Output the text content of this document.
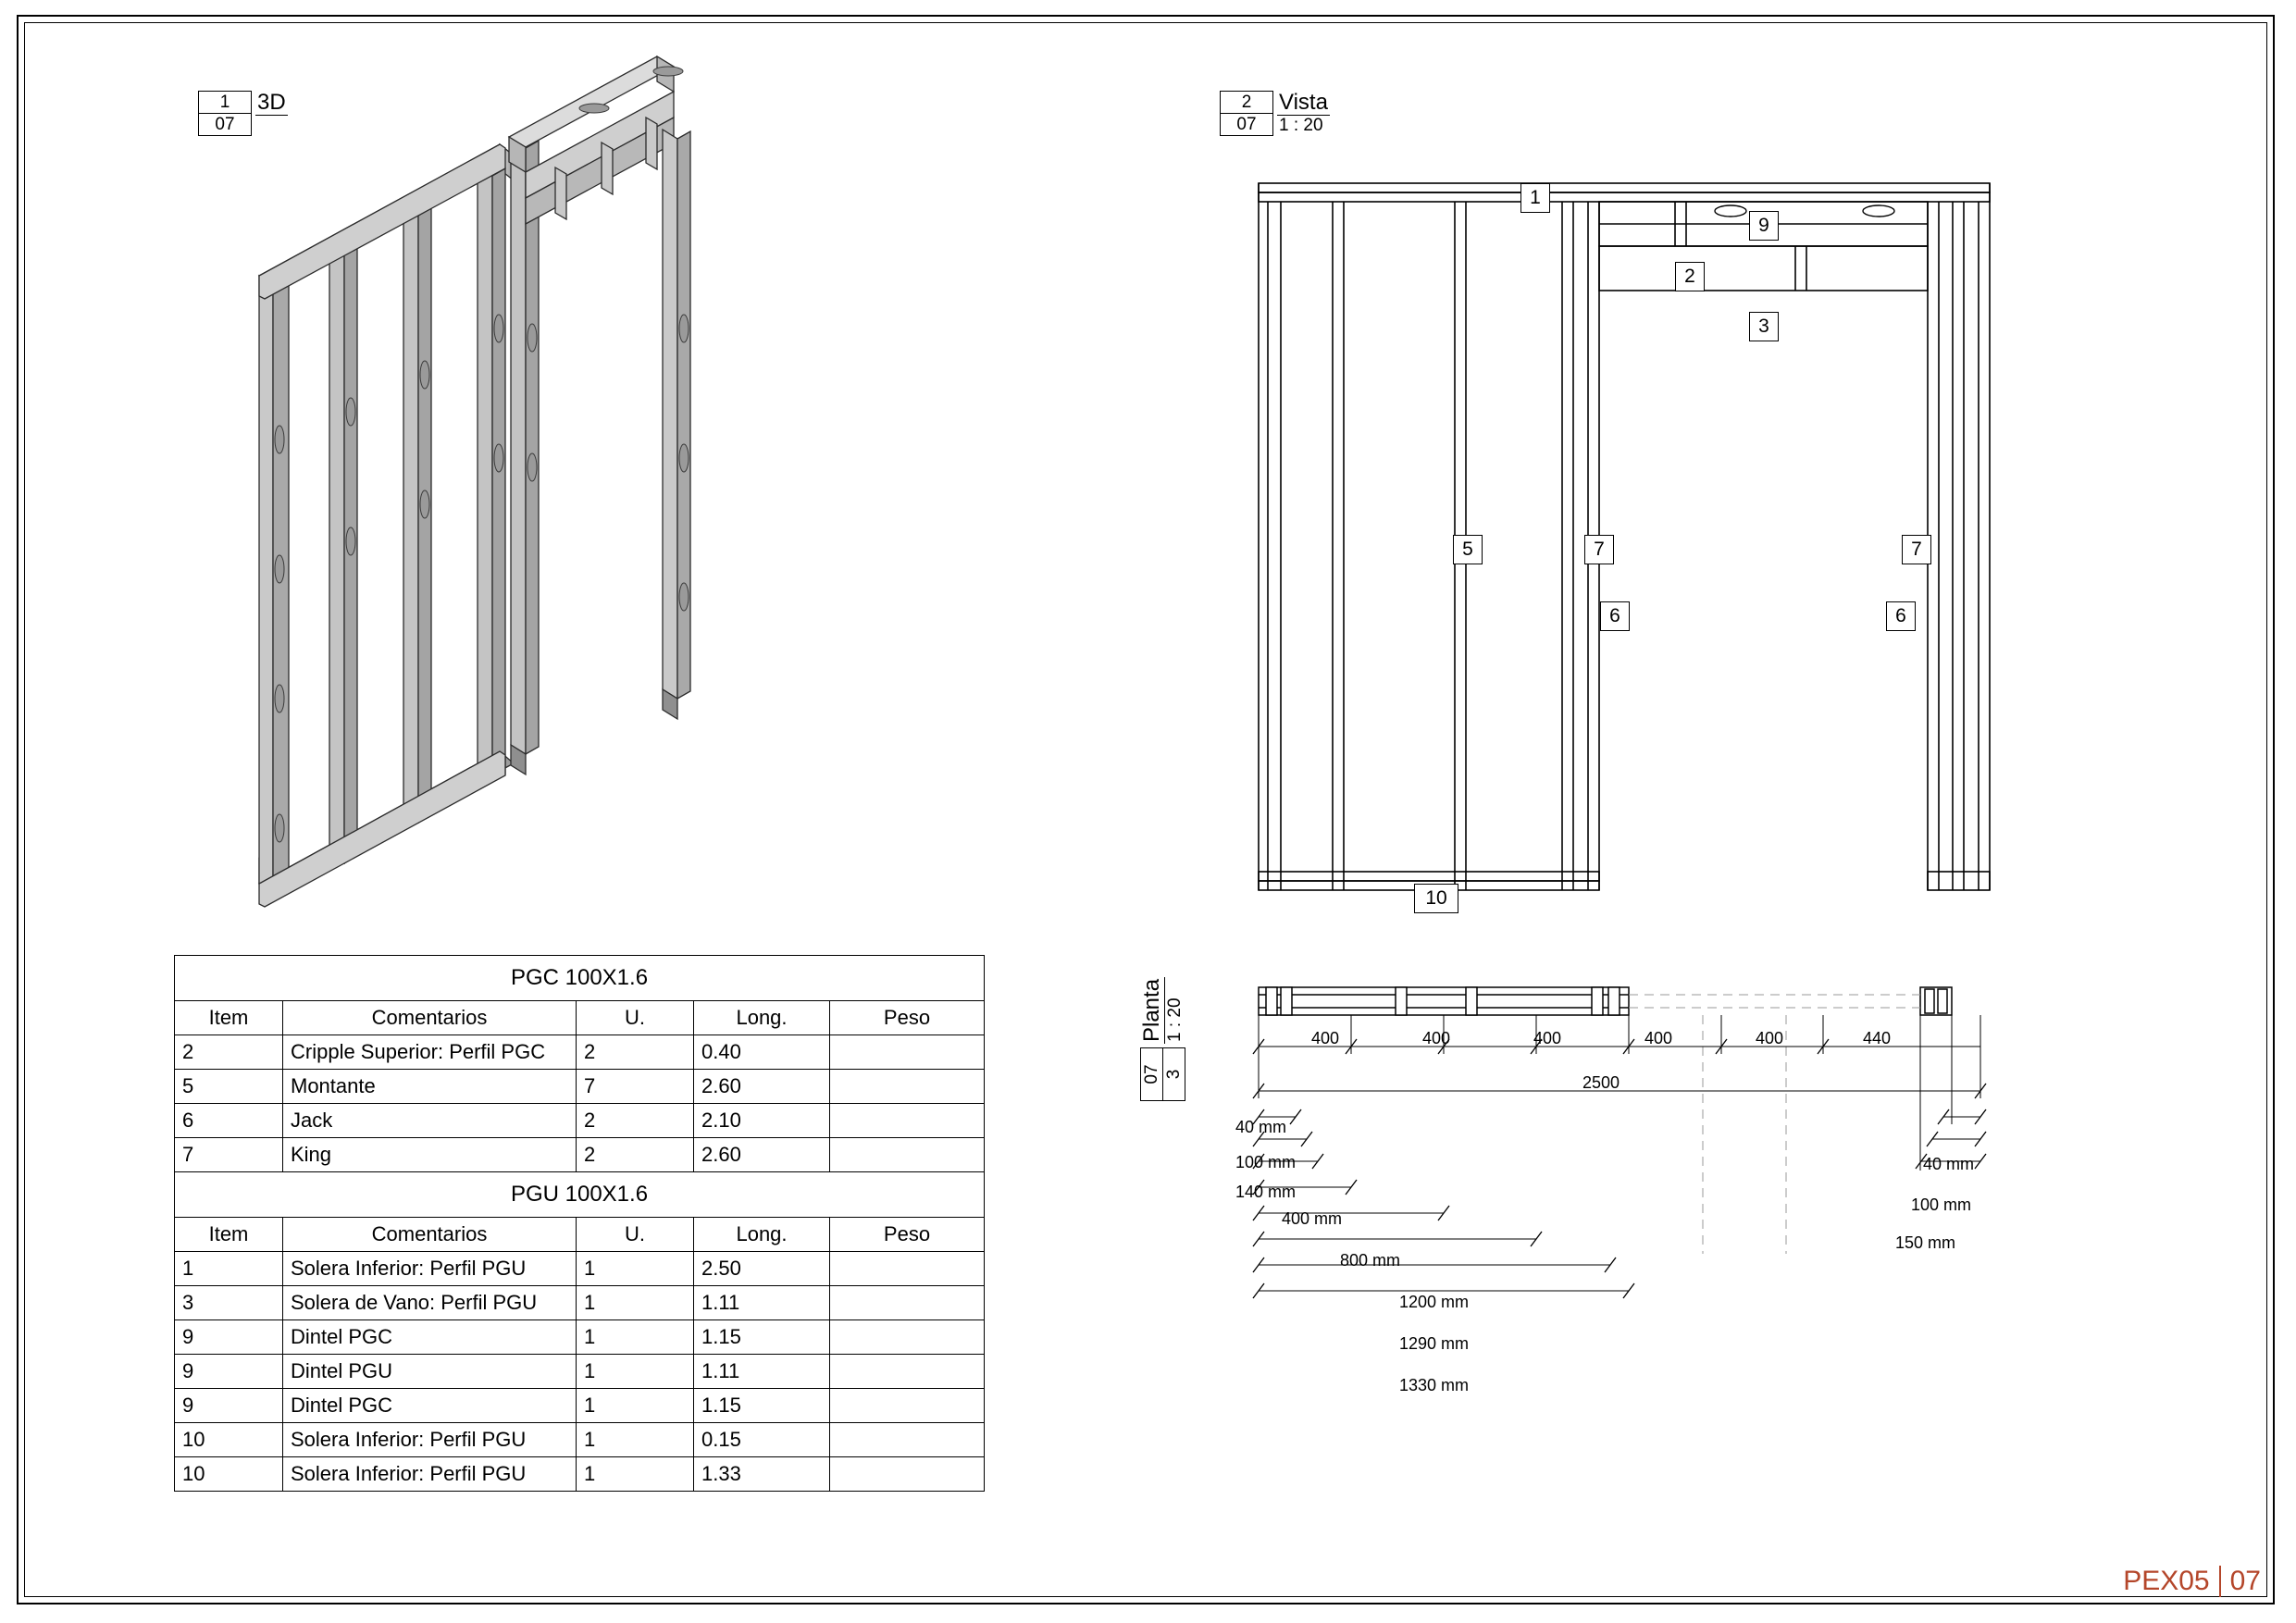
1
07
3D	2
07
Vista
1 : 20
1
9
2
3
5	7	7
6	6
10
07 3
Planta 1 : 20	400	400	400	400	400	440
2500
40 mm
100 mm
140 mm
400 mm
800 mm
1200 mm
1290 mm
1330 mm
40 mm
100 mm
150 mm
PGC 100X1.6				
Item	Comentarios	U.	Long.	Peso
2	Cripple Superior: Perfil PGC	2	0.40	
5	Montante	7	2.60	
6	Jack	2	2.10	
7	King	2	2.60	
PGU 100X1.6				
Item	Comentarios	U.	Long.	Peso
1	Solera Inferior: Perfil PGU	1	2.50	
3	Solera de Vano: Perfil PGU	1	1.11	
9	Dintel PGC	1	1.15	
9	Dintel PGU	1	1.11	
9	Dintel PGC	1	1.15	
10	Solera Inferior: Perfil PGU	1	0.15	
10	Solera Inferior: Perfil PGU	1	1.33	
PEX05 07
